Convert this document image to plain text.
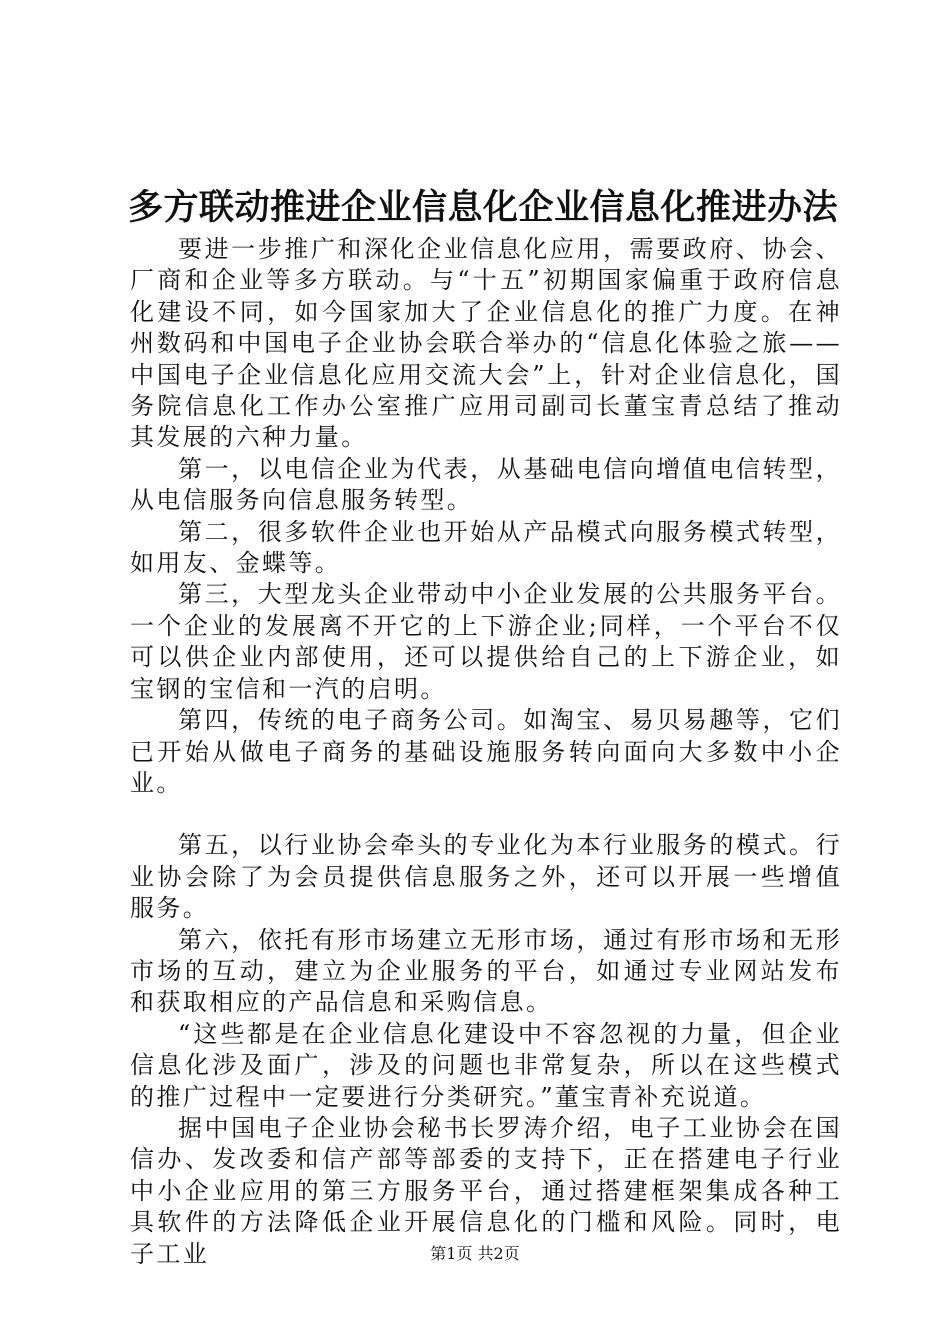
多方联动推进企业信息化企业信息化推进办法

要进一步推广和深化企业信息化应用，需要政府、协会、厂商和企业等多方联动。与“十五”初期国家偏重于政府信息化建设不同，如今国家加大了企业信息化的推广力度。在神州数码和中国电子企业协会联合举办的“信息化体验之旅——中国电子企业信息化应用交流大会”上，针对企业信息化，国务院信息化工作办公室推广应用司副司长董宝青总结了推动其发展的六种力量。

第一，以电信企业为代表，从基础电信向增值电信转型，从电信服务向信息服务转型。

第二，很多软件企业也开始从产品模式向服务模式转型，如用友、金蝶等。

第三，大型龙头企业带动中小企业发展的公共服务平台。一个企业的发展离不开它的上下游企业;同样，一个平台不仅可以供企业内部使用，还可以提供给自己的上下游企业，如宝钢的宝信和一汽的启明。

第四，传统的电子商务公司。如淘宝、易贝易趣等，它们已开始从做电子商务的基础设施服务转向面向大多数中小企业。

第五，以行业协会牵头的专业化为本行业服务的模式。行业协会除了为会员提供信息服务之外，还可以开展一些增值服务。

第六，依托有形市场建立无形市场，通过有形市场和无形市场的互动，建立为企业服务的平台，如通过专业网站发布和获取相应的产品信息和采购信息。

“这些都是在企业信息化建设中不容忽视的力量，但企业信息化涉及面广，涉及的问题也非常复杂，所以在这些模式的推广过程中一定要进行分类研究。”董宝青补充说道。

据中国电子企业协会秘书长罗涛介绍，电子工业协会在国信办、发改委和信产部等部委的支持下，正在搭建电子行业中小企业应用的第三方服务平台，通过搭建框架集成各种工具软件的方法降低企业开展信息化的门槛和风险。同时，电子工业	第1页 共2页
